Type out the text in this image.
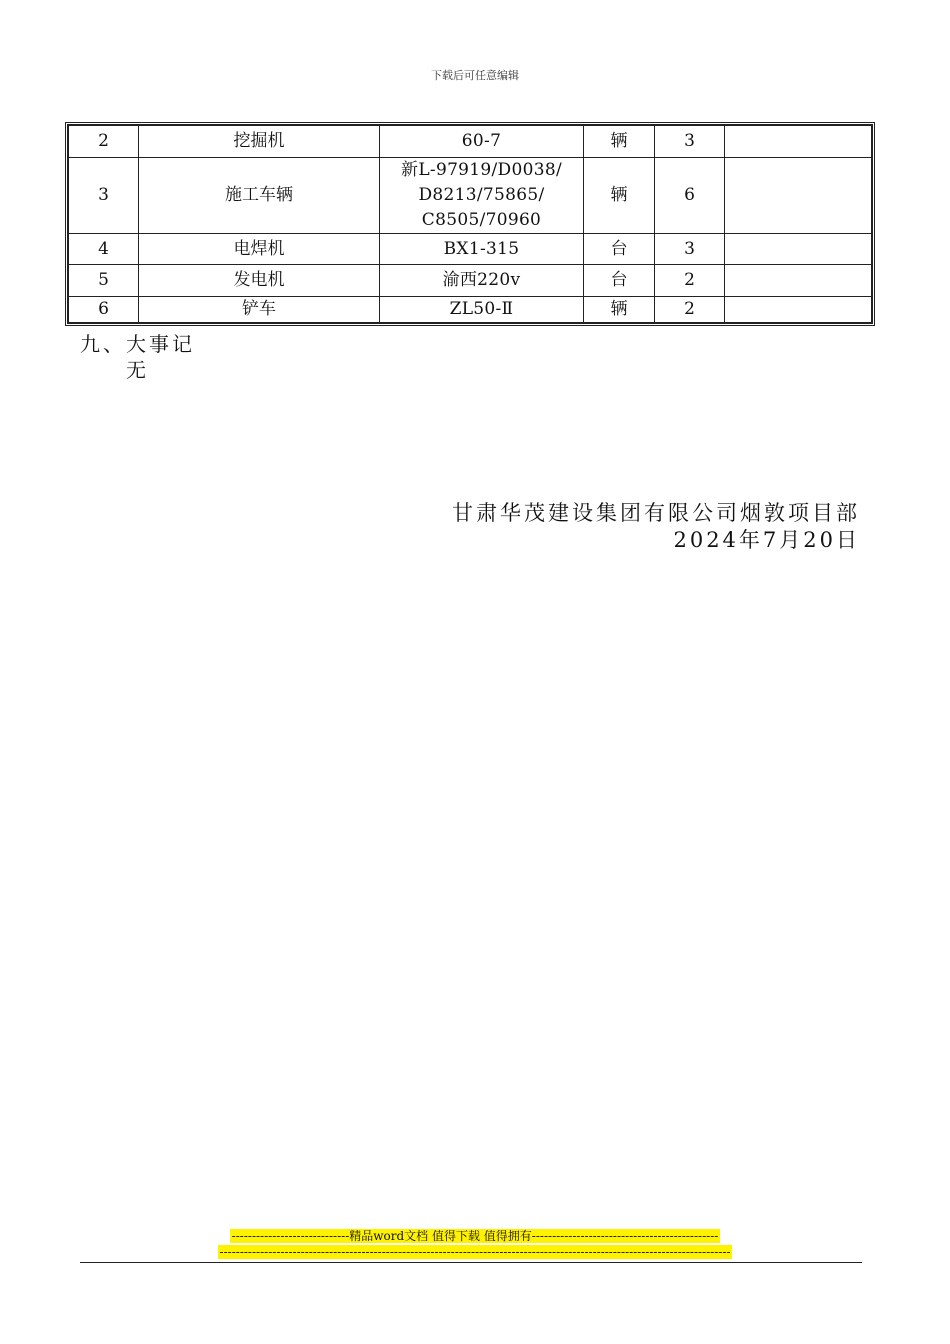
下载后可任意编辑
2	挖掘机	60-7	辆	3	
3	施工车辆	新L-97919/D0038/
D8213/75865/
C8505/70960	辆	6	
4	电焊机	BX1-315	台	3	
5	发电机	渝西220v	台	2	
6	铲车	ZL50-Ⅱ	辆	2	
九、大事记
无
甘肃华茂建设集团有限公司烟敦项目部
2024年7月20日
-----------------------------精品word文档 值得下载 值得拥有----------------------------------------------
------------------------------------------------------------------------------------------------------------------------------
